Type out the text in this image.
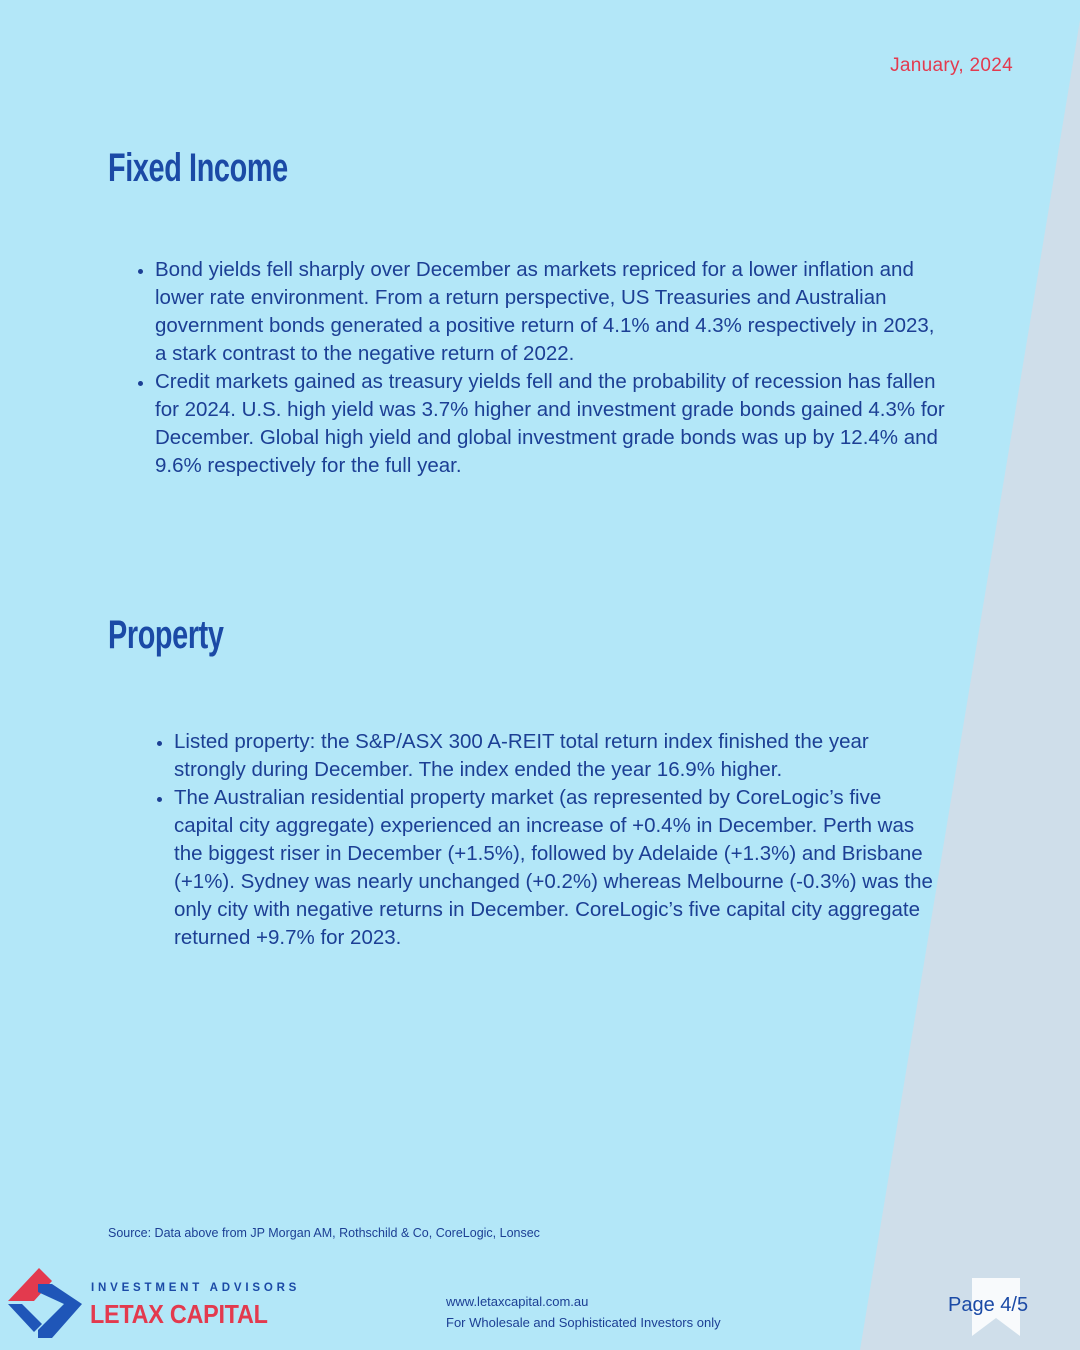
January, 2024
Fixed Income
• Bond yields fell sharply over December as markets repriced for a lower inflation and lower rate environment. From a return perspective, US Treasuries and Australian government bonds generated a positive return of 4.1% and 4.3% respectively in 2023, a stark contrast to the negative return of 2022.
• Credit markets gained as treasury yields fell and the probability of recession has fallen for 2024. U.S. high yield was 3.7% higher and investment grade bonds gained 4.3% for December. Global high yield and global investment grade bonds was up by 12.4% and 9.6% respectively for the full year.
Property
• Listed property: the S&P/ASX 300 A-REIT total return index finished the year strongly during December. The index ended the year 16.9% higher.
• The Australian residential property market (as represented by CoreLogic’s five capital city aggregate) experienced an increase of +0.4% in December. Perth was the biggest riser in December (+1.5%), followed by Adelaide (+1.3%) and Brisbane (+1%). Sydney was nearly unchanged (+0.2%) whereas Melbourne (-0.3%) was the only city with negative returns in December. CoreLogic’s five capital city aggregate returned +9.7% for 2023.
Source: Data above from JP Morgan AM, Rothschild & Co, CoreLogic, Lonsec
INVESTMENT ADVISORS
LETAX CAPITAL	www.letaxcapital.com.au
For Wholesale and Sophisticated Investors only
Page 4/5
